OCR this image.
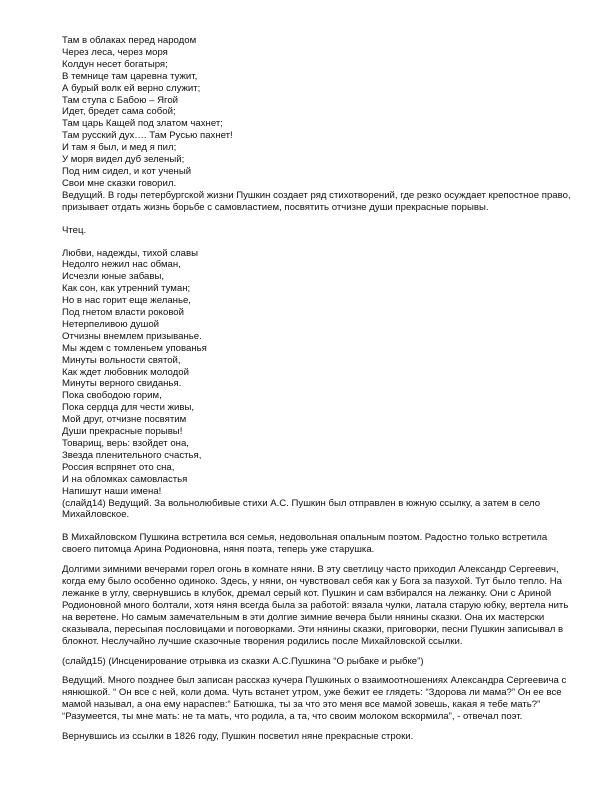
Там в облаках перед народом
Через леса, через моря
Колдун несет богатыря;
В темнице там царевна тужит,
А бурый волк ей верно служит;
Там ступа с Бабою – Ягой
Идет, бредет сама собой;
Там царь Кащей под златом чахнет;
Там русский дух…. Там Русью пахнет!
И там я был, и мед я пил;
У моря видел дуб зеленый;
Под ним сидел, и кот ученый
Свои мне сказки говорил.

Ведущий. В годы петербургской жизни Пушкин создает ряд стихотворений, где резко осуждает крепостное право, призывает отдать жизнь борьбе с самовластием, посвятить отчизне души прекрасные порывы.

Чтец.

Любви, надежды, тихой славы
Недолго нежил нас обман,
Исчезли юные забавы,
Как сон, как утренний туман;
Но в нас горит еще желанье,
Под гнетом власти роковой
Нетерпеливою душой
Отчизны внемлем призыванье.
Мы ждем с томленьем упованья
Минуты вольности святой,
Как ждет любовник молодой
Минуты верного свиданья.
Пока свободою горим,
Пока сердца для чести живы,
Мой друг, отчизне посвятим
Души прекрасные порывы!
Товарищ, верь: взойдет она,
Звезда пленительного счастья,
Россия вспрянет ото сна,
И на обломках самовластья
Напишут наши имена!

(слайд14) Ведущий. За вольнолюбивые стихи А.С. Пушкин был отправлен в южную ссылку, а затем в село Михайловское.

В Михайловском Пушкина встретила вся семья, недовольная опальным поэтом. Радостно только встретила своего питомца Арина Родионовна, няня поэта, теперь уже старушка.

Долгими зимними вечерами горел огонь в комнате няни. В эту светлицу часто приходил Александр Сергеевич, когда ему было особенно одиноко. Здесь, у няни, он чувствовал себя как у Бога за пазухой. Тут было тепло. На лежанке в углу, свернувшись в клубок, дремал серый кот. Пушкин и сам взбирался на лежанку. Они с Ариной Родионовной много болтали, хотя няня всегда была за работой: вязала чулки, латала старую юбку, вертела нить на веретене. Но самым замечательным в эти долгие зимние вечера были нянины сказки. Она их мастерски сказывала, пересыпая пословицами и поговорками. Эти нянины сказки, приговорки, песни Пушкин записывал в блокнот. Неслучайно лучшие сказочные творения родились после Михайловской ссылки.

(слайд15) (Инсценирование отрывка из сказки А.С.Пушкина “О рыбаке и рыбке”)

Ведущий. Много позднее был записан рассказ кучера Пушкиных о взаимоотношениях Александра Сергеевича с нянюшкой. “ Он все с ней, коли дома. Чуть встанет утром, уже бежит ее глядеть: “Здорова ли мама?” Он ее все мамой называл, а она ему нараспев:“ Батюшка, ты за что это меня все мамой зовешь, какая я тебе мать?” “Разумеется, ты мне мать: не та мать, что родила, а та, что своим молоком вскормила”, - отвечал поэт.

Вернувшись из ссылки в 1826 году, Пушкин посветил няне прекрасные строки.
